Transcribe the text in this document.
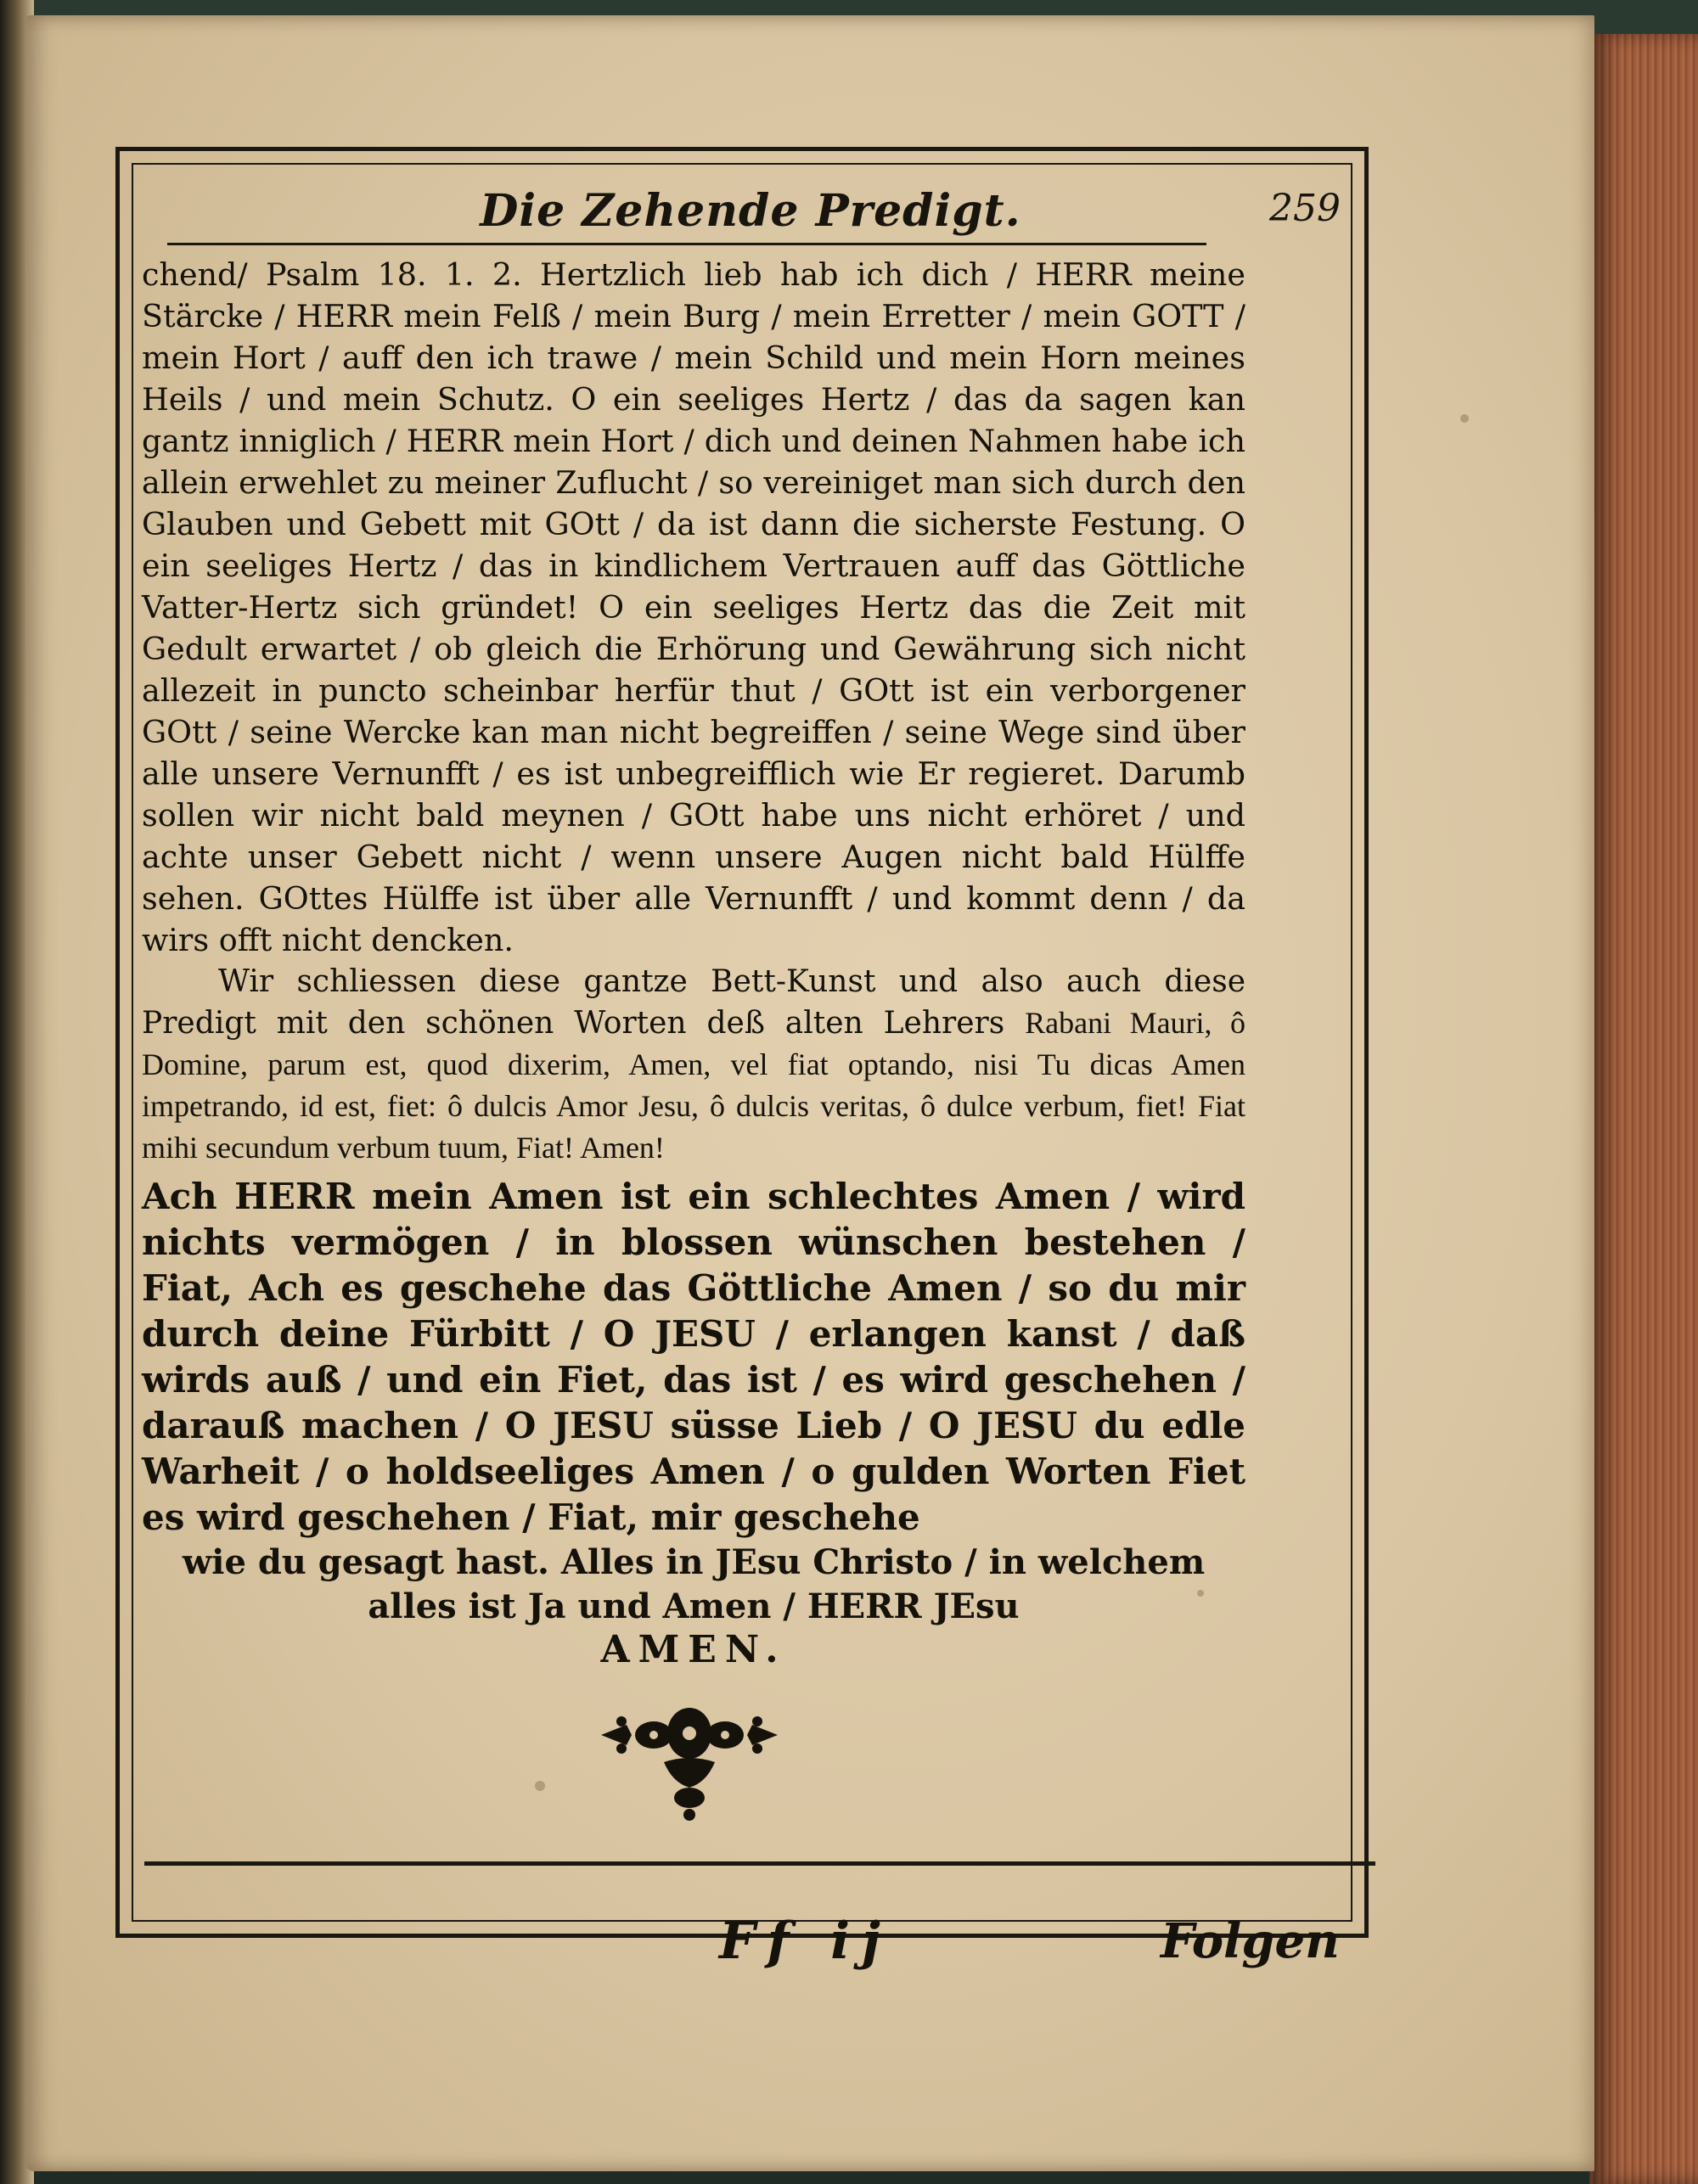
Die Zehende Predigt.	259

chend/ Psalm 18. 1. 2. Hertzlich lieb hab ich dich / HERR meine Stärcke / HERR mein Felß / mein Burg / mein Erretter / mein GOTT / mein Hort / auff den ich trawe / mein Schild und mein Horn meines Heils / und mein Schutz. O ein seeliges Hertz / das da sagen kan gantz inniglich / HERR mein Hort / dich und deinen Nahmen habe ich allein erwehlet zu meiner Zuflucht / so vereiniget man sich durch den Glauben und Gebett mit GOtt / da ist dann die sicherste Festung. O ein seeliges Hertz / das in kindlichem Vertrauen auff das Göttliche Vatter-Hertz sich gründet! O ein seeliges Hertz das die Zeit mit Gedult erwartet / ob gleich die Erhörung und Gewährung sich nicht allezeit in puncto scheinbar herfür thut / GOtt ist ein verborgener GOtt / seine Wercke kan man nicht begreiffen / seine Wege sind über alle unsere Vernunfft / es ist unbegreifflich wie Er regieret. Darumb sollen wir nicht bald meynen / GOtt habe uns nicht erhöret / und achte unser Gebett nicht / wenn unsere Augen nicht bald Hülffe sehen. GOttes Hülffe ist über alle Vernunfft / und kommt denn / da wirs offt nicht dencken.

Wir schliessen diese gantze Bett-Kunst und also auch diese Predigt mit den schönen Worten deß alten Lehrers Rabani Mauri, ô Domine, parum est, quod dixerim, Amen, vel fiat optando, nisi Tu dicas Amen impetrando, id est, fiet: ô dulcis Amor Jesu, ô dulcis veritas, ô dulce verbum, fiet! Fiat mihi secundum verbum tuum, Fiat! Amen!

Ach HERR mein Amen ist ein schlechtes Amen / wird nichts vermögen / in blossen wünschen bestehen / Fiat, Ach es geschehe das Göttliche Amen / so du mir durch deine Fürbitt / O JESU / erlangen kanst / daß wirds auß / und ein Fiet, das ist / es wird geschehen / darauß machen / O JESU süsse Lieb / O JESU du edle Warheit / o holdseeliges Amen / o gulden Worten Fiet es wird geschehen / Fiat, mir geschehe

wie du gesagt hast. Alles in JEsu Christo / in welchem

alles ist Ja und Amen / HERR JEsu

AMEN.

Ff ij	Folgen
